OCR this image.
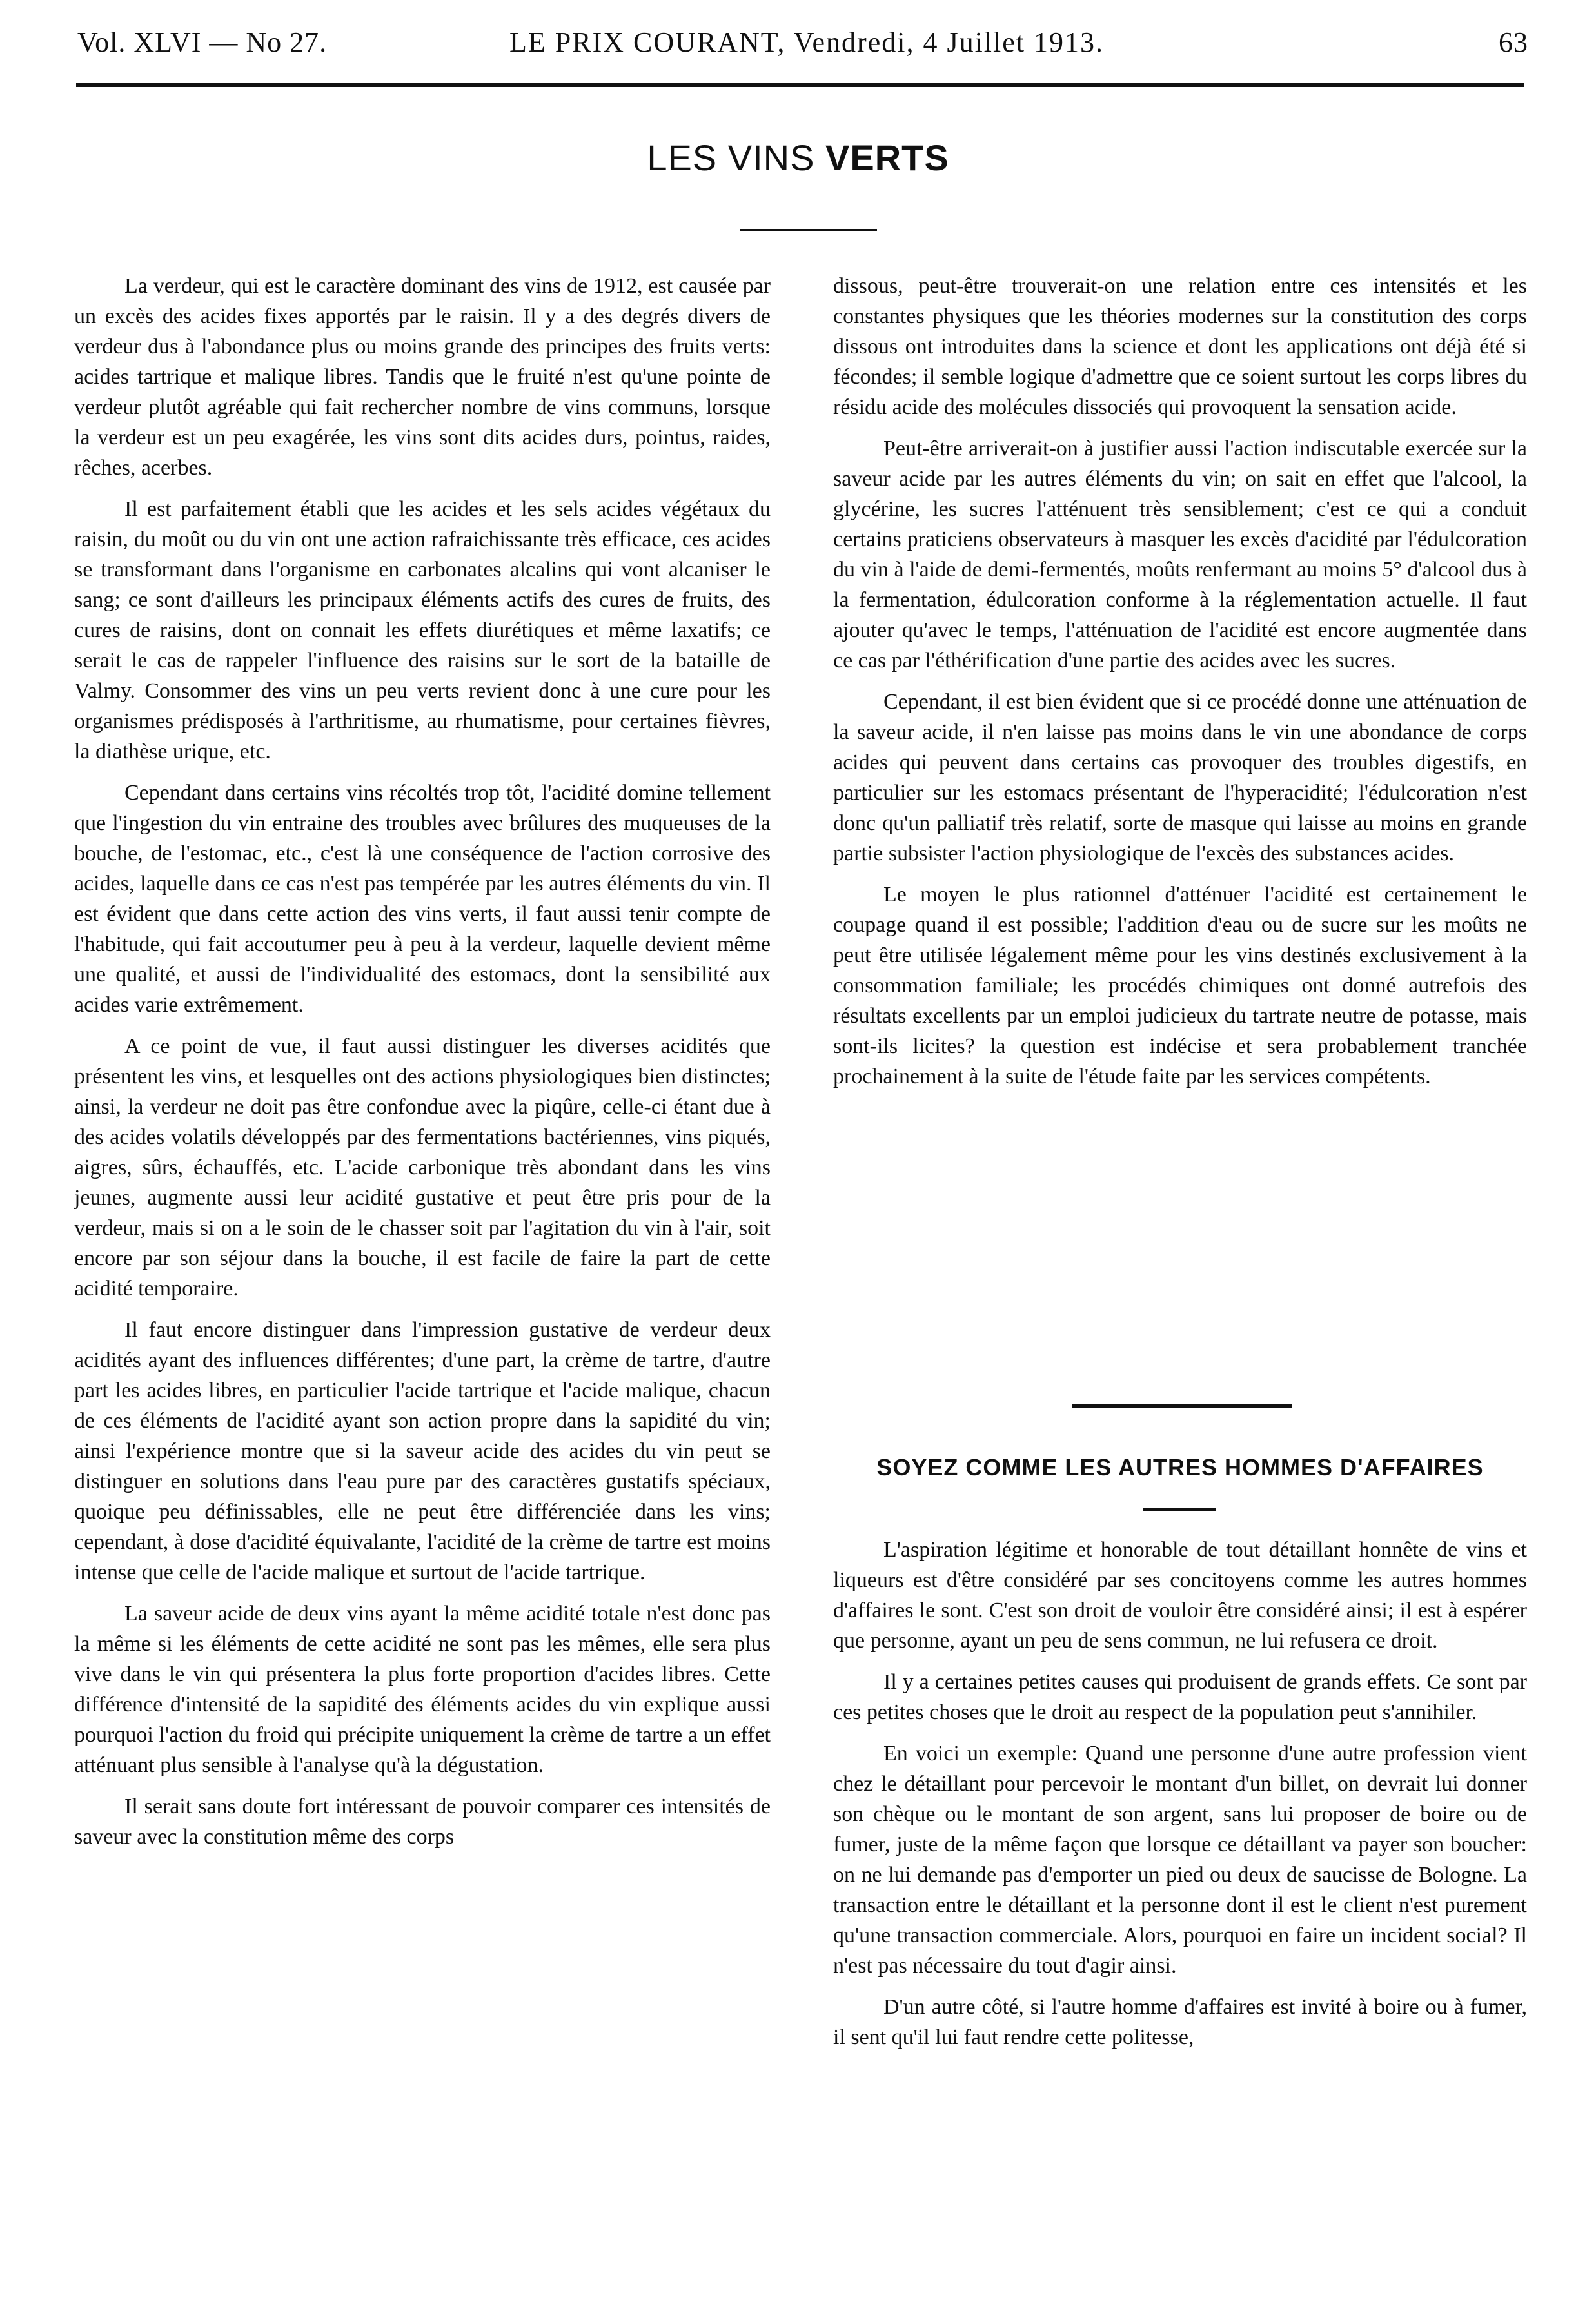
Vol. XLVI — No 27.	LE PRIX COURANT, Vendredi, 4 Juillet 1913.	63
LES VINS VERTS

La verdeur, qui est le caractère dominant des vins de 1912, est causée par un excès des acides fixes apportés par le raisin. Il y a des degrés divers de verdeur dus à l'abondance plus ou moins grande des principes des fruits verts: acides tartrique et malique libres. Tandis que le fruité n'est qu'une pointe de verdeur plutôt agréable qui fait rechercher nombre de vins communs, lorsque la verdeur est un peu exagérée, les vins sont dits acides durs, pointus, raides, rêches, acerbes.

Il est parfaitement établi que les acides et les sels acides végétaux du raisin, du moût ou du vin ont une action rafraichissante très efficace, ces acides se transformant dans l'organisme en carbonates alcalins qui vont alcaniser le sang; ce sont d'ailleurs les principaux éléments actifs des cures de fruits, des cures de raisins, dont on connait les effets diurétiques et même laxatifs; ce serait le cas de rappeler l'influence des raisins sur le sort de la bataille de Valmy. Consommer des vins un peu verts revient donc à une cure pour les organismes prédisposés à l'arthritisme, au rhumatisme, pour certaines fièvres, la diathèse urique, etc.

Cependant dans certains vins récoltés trop tôt, l'acidité domine tellement que l'ingestion du vin entraine des troubles avec brûlures des muqueuses de la bouche, de l'estomac, etc., c'est là une conséquence de l'action corrosive des acides, laquelle dans ce cas n'est pas tempérée par les autres éléments du vin. Il est évident que dans cette action des vins verts, il faut aussi tenir compte de l'habitude, qui fait accoutumer peu à peu à la verdeur, laquelle devient même une qualité, et aussi de l'individualité des estomacs, dont la sensibilité aux acides varie extrêmement.

A ce point de vue, il faut aussi distinguer les diverses acidités que présentent les vins, et lesquelles ont des actions physiologiques bien distinctes; ainsi, la verdeur ne doit pas être confondue avec la piqûre, celle-ci étant due à des acides volatils développés par des fermentations bactériennes, vins piqués, aigres, sûrs, échauffés, etc. L'acide carbonique très abondant dans les vins jeunes, augmente aussi leur acidité gustative et peut être pris pour de la verdeur, mais si on a le soin de le chasser soit par l'agitation du vin à l'air, soit encore par son séjour dans la bouche, il est facile de faire la part de cette acidité temporaire.

Il faut encore distinguer dans l'impression gustative de verdeur deux acidités ayant des influences différentes; d'une part, la crème de tartre, d'autre part les acides libres, en particulier l'acide tartrique et l'acide malique, chacun de ces éléments de l'acidité ayant son action propre dans la sapidité du vin; ainsi l'expérience montre que si la saveur acide des acides du vin peut se distinguer en solutions dans l'eau pure par des caractères gustatifs spéciaux, quoique peu définissables, elle ne peut être différenciée dans les vins; cependant, à dose d'acidité équivalante, l'acidité de la crème de tartre est moins intense que celle de l'acide malique et surtout de l'acide tartrique.

La saveur acide de deux vins ayant la même acidité totale n'est donc pas la même si les éléments de cette acidité ne sont pas les mêmes, elle sera plus vive dans le vin qui présentera la plus forte proportion d'acides libres. Cette différence d'intensité de la sapidité des éléments acides du vin explique aussi pourquoi l'action du froid qui précipite uniquement la crème de tartre a un effet atténuant plus sensible à l'analyse qu'à la dégustation.

Il serait sans doute fort intéressant de pouvoir comparer ces intensités de saveur avec la constitution même des corps

dissous, peut-être trouverait-on une relation entre ces intensités et les constantes physiques que les théories modernes sur la constitution des corps dissous ont introduites dans la science et dont les applications ont déjà été si fécondes; il semble logique d'admettre que ce soient surtout les corps libres du résidu acide des molécules dissociés qui provoquent la sensation acide.

Peut-être arriverait-on à justifier aussi l'action indiscutable exercée sur la saveur acide par les autres éléments du vin; on sait en effet que l'alcool, la glycérine, les sucres l'atténuent très sensiblement; c'est ce qui a conduit certains praticiens observateurs à masquer les excès d'acidité par l'édulcoration du vin à l'aide de demi-fermentés, moûts renfermant au moins 5° d'alcool dus à la fermentation, édulcoration conforme à la réglementation actuelle. Il faut ajouter qu'avec le temps, l'atténuation de l'acidité est encore augmentée dans ce cas par l'éthérification d'une partie des acides avec les sucres.

Cependant, il est bien évident que si ce procédé donne une atténuation de la saveur acide, il n'en laisse pas moins dans le vin une abondance de corps acides qui peuvent dans certains cas provoquer des troubles digestifs, en particulier sur les estomacs présentant de l'hyperacidité; l'édulcoration n'est donc qu'un palliatif très relatif, sorte de masque qui laisse au moins en grande partie subsister l'action physiologique de l'excès des substances acides.

Le moyen le plus rationnel d'atténuer l'acidité est certainement le coupage quand il est possible; l'addition d'eau ou de sucre sur les moûts ne peut être utilisée légalement même pour les vins destinés exclusivement à la consommation familiale; les procédés chimiques ont donné autrefois des résultats excellents par un emploi judicieux du tartrate neutre de potasse, mais sont-ils licites? la question est indécise et sera probablement tranchée prochainement à la suite de l'étude faite par les services compétents.

SOYEZ COMME LES AUTRES HOMMES D'AFFAIRES

L'aspiration légitime et honorable de tout détaillant honnête de vins et liqueurs est d'être considéré par ses concitoyens comme les autres hommes d'affaires le sont. C'est son droit de vouloir être considéré ainsi; il est à espérer que personne, ayant un peu de sens commun, ne lui refusera ce droit.

Il y a certaines petites causes qui produisent de grands effets. Ce sont par ces petites choses que le droit au respect de la population peut s'annihiler.

En voici un exemple: Quand une personne d'une autre profession vient chez le détaillant pour percevoir le montant d'un billet, on devrait lui donner son chèque ou le montant de son argent, sans lui proposer de boire ou de fumer, juste de la même façon que lorsque ce détaillant va payer son boucher: on ne lui demande pas d'emporter un pied ou deux de saucisse de Bologne. La transaction entre le détaillant et la personne dont il est le client n'est purement qu'une transaction commerciale. Alors, pourquoi en faire un incident social? Il n'est pas nécessaire du tout d'agir ainsi.

D'un autre côté, si l'autre homme d'affaires est invité à boire ou à fumer, il sent qu'il lui faut rendre cette politesse,
